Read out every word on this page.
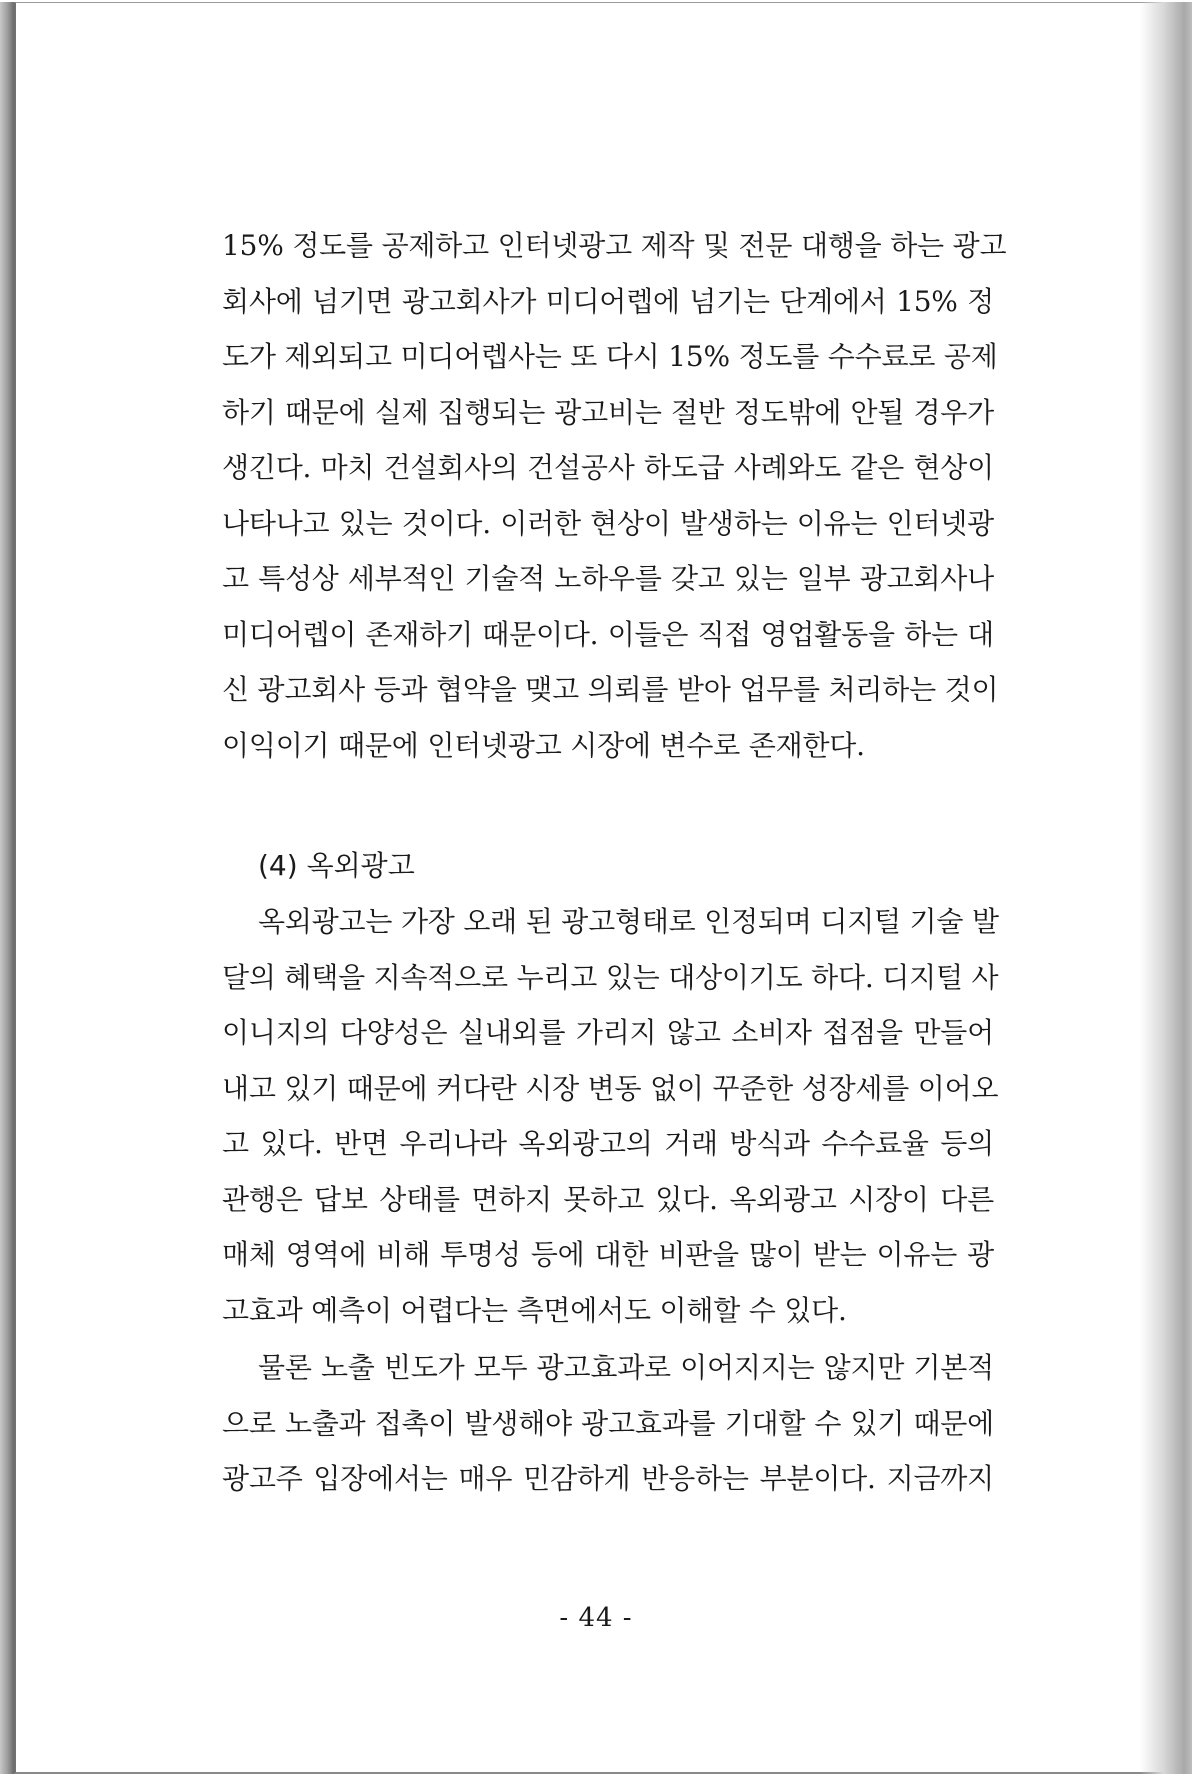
15% 정도를 공제하고 인터넷광고 제작 및 전문 대행을 하는 광고
회사에 넘기면 광고회사가 미디어렙에 넘기는 단계에서 15% 정
도가 제외되고 미디어렙사는 또 다시 15% 정도를 수수료로 공제
하기 때문에 실제 집행되는 광고비는 절반 정도밖에 안될 경우가
생긴다. 마치 건설회사의 건설공사 하도급 사례와도 같은 현상이
나타나고 있는 것이다. 이러한 현상이 발생하는 이유는 인터넷광
고 특성상 세부적인 기술적 노하우를 갖고 있는 일부 광고회사나
미디어렙이 존재하기 때문이다. 이들은 직접 영업활동을 하는 대
신 광고회사 등과 협약을 맺고 의뢰를 받아 업무를 처리하는 것이
이익이기 때문에 인터넷광고 시장에 변수로 존재한다.
(4) 옥외광고
옥외광고는 가장 오래 된 광고형태로 인정되며 디지털 기술 발
달의 혜택을 지속적으로 누리고 있는 대상이기도 하다. 디지털 사
이니지의 다양성은 실내외를 가리지 않고 소비자 접점을 만들어
내고 있기 때문에 커다란 시장 변동 없이 꾸준한 성장세를 이어오
고 있다. 반면 우리나라 옥외광고의 거래 방식과 수수료율 등의
관행은 답보 상태를 면하지 못하고 있다. 옥외광고 시장이 다른
매체 영역에 비해 투명성 등에 대한 비판을 많이 받는 이유는 광
고효과 예측이 어렵다는 측면에서도 이해할 수 있다.
물론 노출 빈도가 모두 광고효과로 이어지지는 않지만 기본적
으로 노출과 접촉이 발생해야 광고효과를 기대할 수 있기 때문에
광고주 입장에서는 매우 민감하게 반응하는 부분이다. 지금까지
- 44 -
